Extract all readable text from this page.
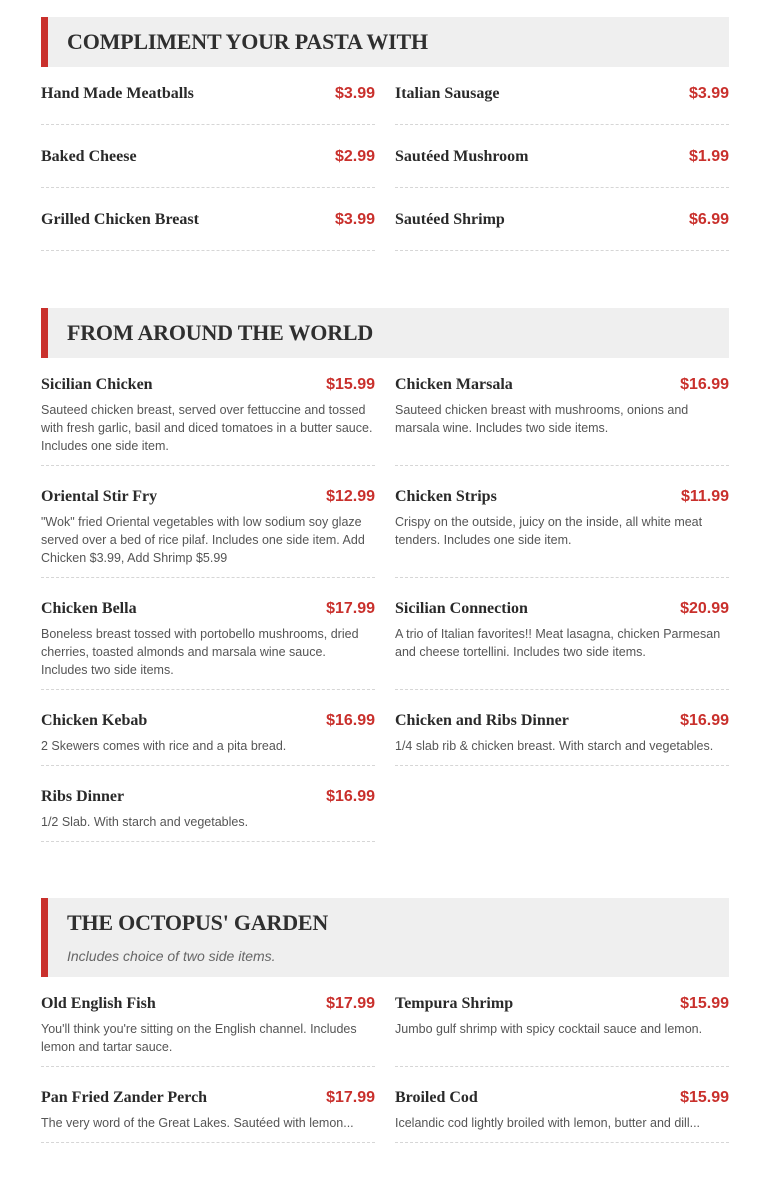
COMPLIMENT YOUR PASTA WITH
Hand Made Meatballs	$3.99 Italian Sausage	$3.99
Baked Cheese	$2.99 Sautéed Mushroom	$1.99
Grilled Chicken Breast	$3.99 Sautéed Shrimp	$6.99
FROM AROUND THE WORLD
Sicilian Chicken	$15.99
Sauteed chicken breast, served over fettuccine and tossed with fresh garlic, basil and diced tomatoes in a butter sauce. Includes one side item.
Chicken Marsala	$16.99
Sauteed chicken breast with mushrooms, onions and marsala wine. Includes two side items.
Oriental Stir Fry	$12.99
"Wok" fried Oriental vegetables with low sodium soy glaze served over a bed of rice pilaf. Includes one side item. Add Chicken $3.99, Add Shrimp $5.99
Chicken Strips	$11.99
Crispy on the outside, juicy on the inside, all white meat tenders. Includes one side item.
Chicken Bella	$17.99
Boneless breast tossed with portobello mushrooms, dried cherries, toasted almonds and marsala wine sauce. Includes two side items.
Sicilian Connection	$20.99
A trio of Italian favorites!! Meat lasagna, chicken Parmesan and cheese tortellini. Includes two side items.
Chicken Kebab	$16.99
2 Skewers comes with rice and a pita bread.
Chicken and Ribs Dinner	$16.99
1/4 slab rib & chicken breast. With starch and vegetables.
Ribs Dinner	$16.99
1/2 Slab. With starch and vegetables.
THE OCTOPUS' GARDEN
Includes choice of two side items.
Old English Fish	$17.99
You'll think you're sitting on the English channel. Includes lemon and tartar sauce.
Tempura Shrimp	$15.99
Jumbo gulf shrimp with spicy cocktail sauce and lemon.
Pan Fried Zander Perch	$17.99
The very word of the Great Lakes. Sautéed with lemon...
Broiled Cod	$15.99
Icelandic cod lightly broiled with lemon, butter and dill...
